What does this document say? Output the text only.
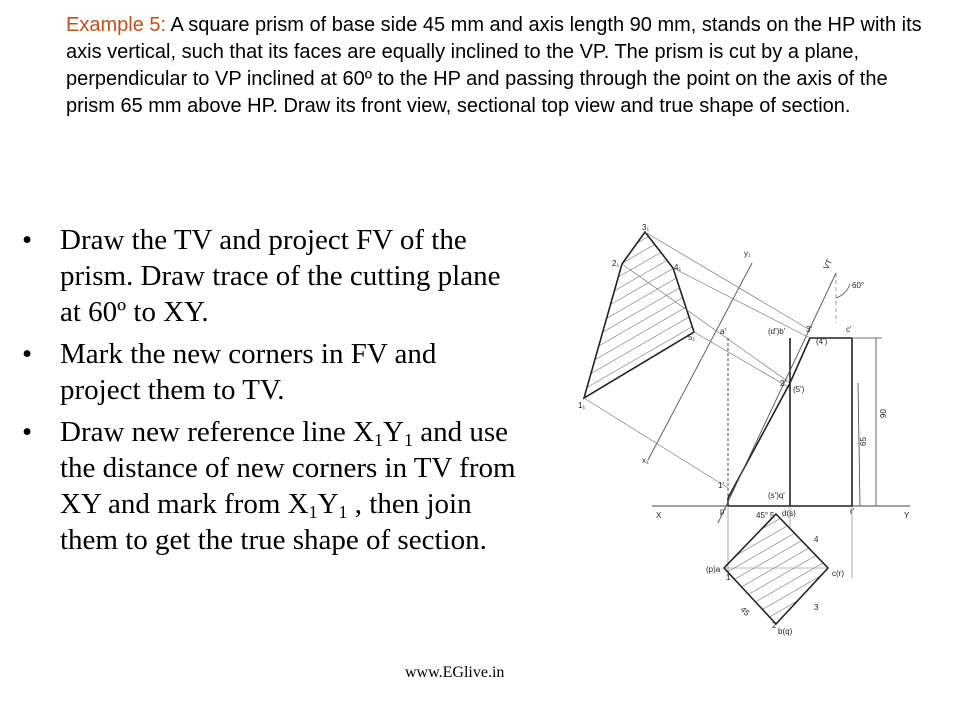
Example 5: A square prism of base side 45 mm and axis length 90 mm, stands on the HP with its axis vertical, such that its faces are equally inclined to the VP. The prism is cut by a plane, perpendicular to VP inclined at 60º to the HP and passing through the point on the axis of the prism 65 mm above HP. Draw its front view, sectional top view and true shape of section.
• Draw the TV and project FV of the prism. Draw trace of the cutting plane at 60º to XY.
• Mark the new corners in FV and project them to TV.
• Draw new reference line $X_1Y_1$ and use the distance of new corners in TV from XY and mark from $X_1Y_1$ , then join them to get the true shape of section.
X	Y
VT
60°
90
65
x₁
y₁
a'	(d')b'	3'	c'
(4')
2'
(5')
1'
p'
(s')q'
r'
45°
(p)a
d(s)
c(r)
b(q)
1
2
3
4
5
45
1₁
2₁
3₁
4₁
5₁
www.EGlive.in
